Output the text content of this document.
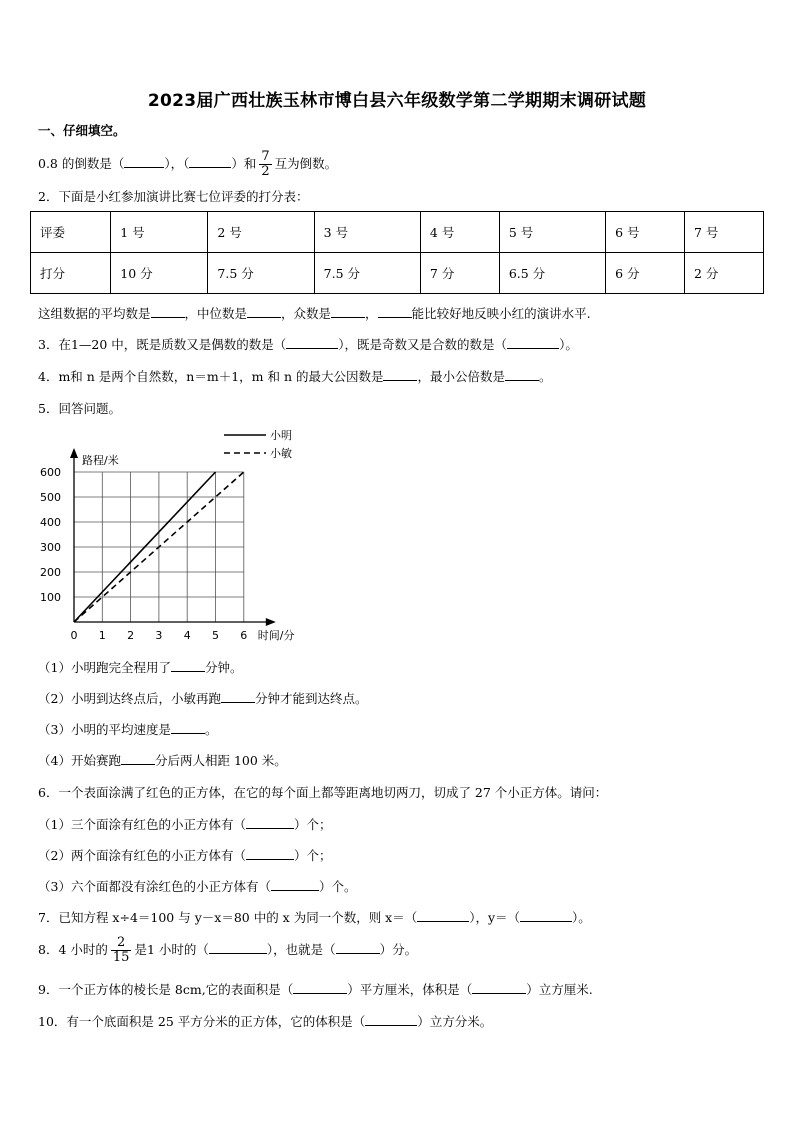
2023届广西壮族玉林市博白县六年级数学第二学期期末调研试题
一、仔细填空。
0.8 的倒数是（	），（	）和 $\frac{7}{2}$ 互为倒数。
2．下面是小红参加演讲比赛七位评委的打分表：
评委	1 号	2 号	3 号	4 号	5 号	6 号	7 号
打分	10 分	7.5 分	7.5 分	7 分	6.5 分	6 分	2 分
这组数据的平均数是	，中位数是	，众数是	，	能比较好地反映小红的演讲水平.
3．在1—20 中，既是质数又是偶数的数是（	），既是奇数又是合数的数是（	）。
4．m和 n 是两个自然数，n＝m＋1，m 和 n 的最大公因数是	，最小公倍数是	。
5．回答问题。
路程/米
时间/分
0 1 2 3 4 5 6
100
200
300
400
500
600
小明
小敏
（1）小明跑完全程用了	分钟。
（2）小明到达终点后，小敏再跑	分钟才能到达终点。
（3）小明的平均速度是	。
（4）开始赛跑	分后两人相距 100 米。
6．一个表面涂满了红色的正方体，在它的每个面上都等距离地切两刀，切成了 27 个小正方体。请问：
（1）三个面涂有红色的小正方体有（	）个；
（2）两个面涂有红色的小正方体有（	）个；
（3）六个面都没有涂红色的小正方体有（	）个。
7．已知方程 x÷4＝100 与 y－x＝80 中的 x 为同一个数，则 x＝（	），y＝（	）。
8．4 小时的 $\frac{2}{15}$ 是1 小时的（	），也就是（	）分。
9．一个正方体的棱长是 8cm,它的表面积是（	）平方厘米，体积是（	）立方厘米.
10．有一个底面积是 25 平方分米的正方体，它的体积是（	）立方分米。
